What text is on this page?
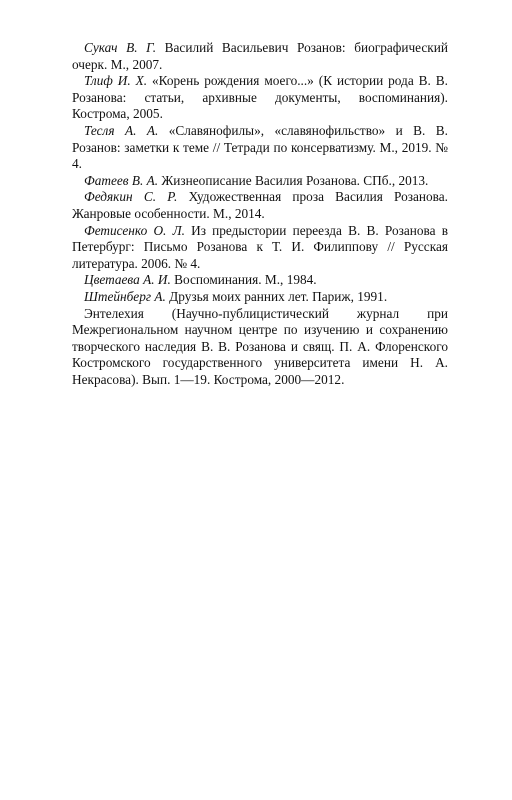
Сукач В. Г. Василий Васильевич Розанов: биографический очерк. М., 2007.

Тлиф И. Х. «Корень рождения моего...» (К истории рода В. В. Розанова: статьи, архивные документы, воспоминания). Кострома, 2005.

Тесля А. А. «Славянофилы», «славянофильство» и В. В. Розанов: заметки к теме // Тетради по консерватизму. М., 2019. № 4.

Фатеев В. А. Жизнеописание Василия Розанова. СПб., 2013.

Федякин С. Р. Художественная проза Василия Розанова. Жанровые особенности. М., 2014.

Фетисенко О. Л. Из предыстории переезда В. В. Розанова в Петербург: Письмо Розанова к Т. И. Филиппову // Русская литература. 2006. № 4.

Цветаева А. И. Воспоминания. М., 1984.

Штейнберг А. Друзья моих ранних лет. Париж, 1991.

Энтелехия (Научно-публицистический журнал при Межрегиональном научном центре по изучению и сохранению творческого наследия В. В. Розанова и свящ. П. А. Флоренского Костромского государственного университета имени Н. А. Некрасова). Вып. 1—19. Кострома, 2000—2012.
